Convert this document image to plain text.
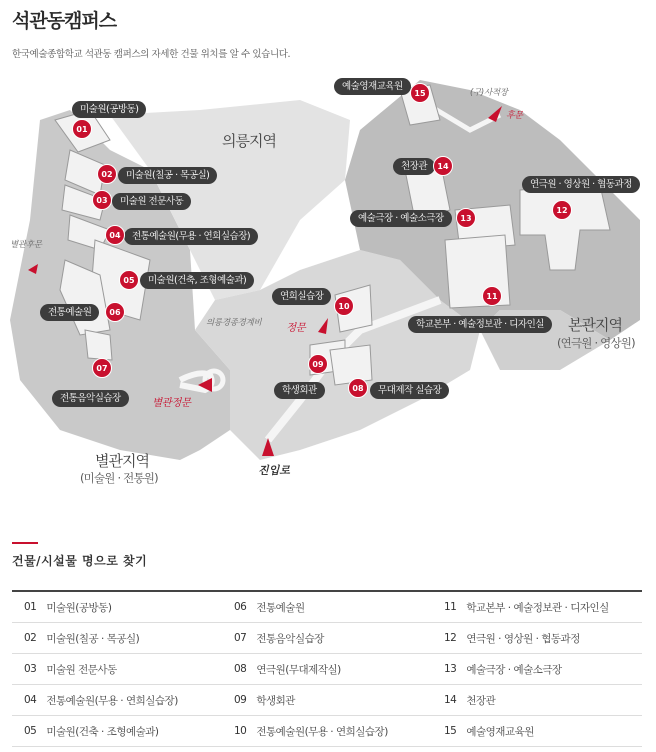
석관동캠퍼스
한국예술종합학교 석관동 캠퍼스의 자세한 건물 위치를 알 수 있습니다.
의릉지역
본관지역
(연극원 · 영상원)
별관지역
(미술원 · 전통원)
(구)사적장
후문
별관후문
의릉경종경계비 정문
별관정문
진입로
미술원(공방동)
01
미술원(칠공 · 목공실)
02
미술원 전문사동
03
전통예술원(무용 · 연희실습장)
04
미술원(건축, 조형예술과)
05
전통예술원	06
07
전통음악실습장
무대제작 실습장
08
09
학생회관
연희실습장
10
11
학교본부 · 예술정보관 · 디자인실
연극원 · 영상원 · 협동과정
12
예술극장 · 예술소극장	13
천장관	14
예술영재교육원
15
건물/시설물 명으로 찾기
01 미술원(공방동)	06 전통예술원	11 학교본부 · 예술정보관 · 디자인실
02 미술원(칠공 · 목공실)	07 전통음악실습장	12 연극원 · 영상원 · 협동과정
03 미술원 전문사동	08 연극원(무대제작실)	13 예술극장 · 예술소극장
04 전통예술원(무용 · 연희실습장)	09 학생회관	14 천장관
05 미술원(건축 · 조형예술과)	10 전통예술원(무용 · 연희실습장)	15 예술영재교육원
